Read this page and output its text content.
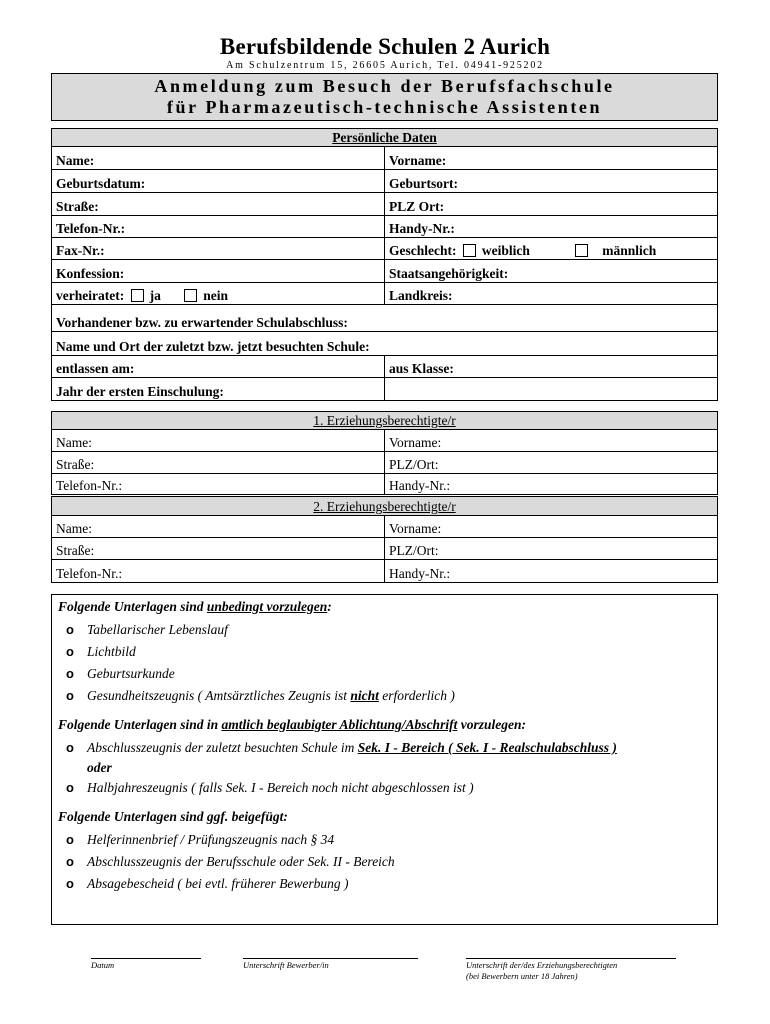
Berufsbildende Schulen 2 Aurich
Am Schulzentrum 15, 26605 Aurich, Tel. 04941-925202
Anmeldung zum Besuch der Berufsfachschule
für Pharmazeutisch-technische Assistenten
Persönliche Daten	
Name:	Vorname:
Geburtsdatum:	Geburtsort:
Straße:	PLZ Ort:
Telefon-Nr.:	Handy-Nr.:
Fax-Nr.:	Geschlecht: weiblich männlich
Konfession:	Staatsangehörigkeit:
verheiratet: ja nein	Landkreis:
Vorhandener bzw. zu erwartender Schulabschluss:	
Name und Ort der zuletzt bzw. jetzt besuchten Schule:	
entlassen am:	aus Klasse:
Jahr der ersten Einschulung:	
1. Erziehungsberechtigte/r	
Name:	Vorname:
Straße:	PLZ/Ort:
Telefon-Nr.:	Handy-Nr.:
2. Erziehungsberechtigte/r	
Name:	Vorname:
Straße:	PLZ/Ort:
Telefon-Nr.:	Handy-Nr.:
Folgende Unterlagen sind unbedingt vorzulegen:
o Tabellarischer Lebenslauf
o Lichtbild
o Geburtsurkunde
o Gesundheitszeugnis ( Amtsärztliches Zeugnis ist nicht erforderlich )
Folgende Unterlagen sind in amtlich beglaubigter Ablichtung/Abschrift vorzulegen:
o Abschlusszeugnis der zuletzt besuchten Schule im Sek. I - Bereich ( Sek. I - Realschulabschluss )
oder
o Halbjahreszeugnis ( falls Sek. I - Bereich noch nicht abgeschlossen ist )
Folgende Unterlagen sind ggf. beigefügt:
o Helferinnenbrief / Prüfungszeugnis nach § 34
o Abschlusszeugnis der Berufsschule oder Sek. II - Bereich
o Absagebescheid ( bei evtl. früherer Bewerbung )
Datum	Unterschrift Bewerber/in	Unterschrift der/des Erziehungsberechtigten
(bei Bewerbern unter 18 Jahren)
